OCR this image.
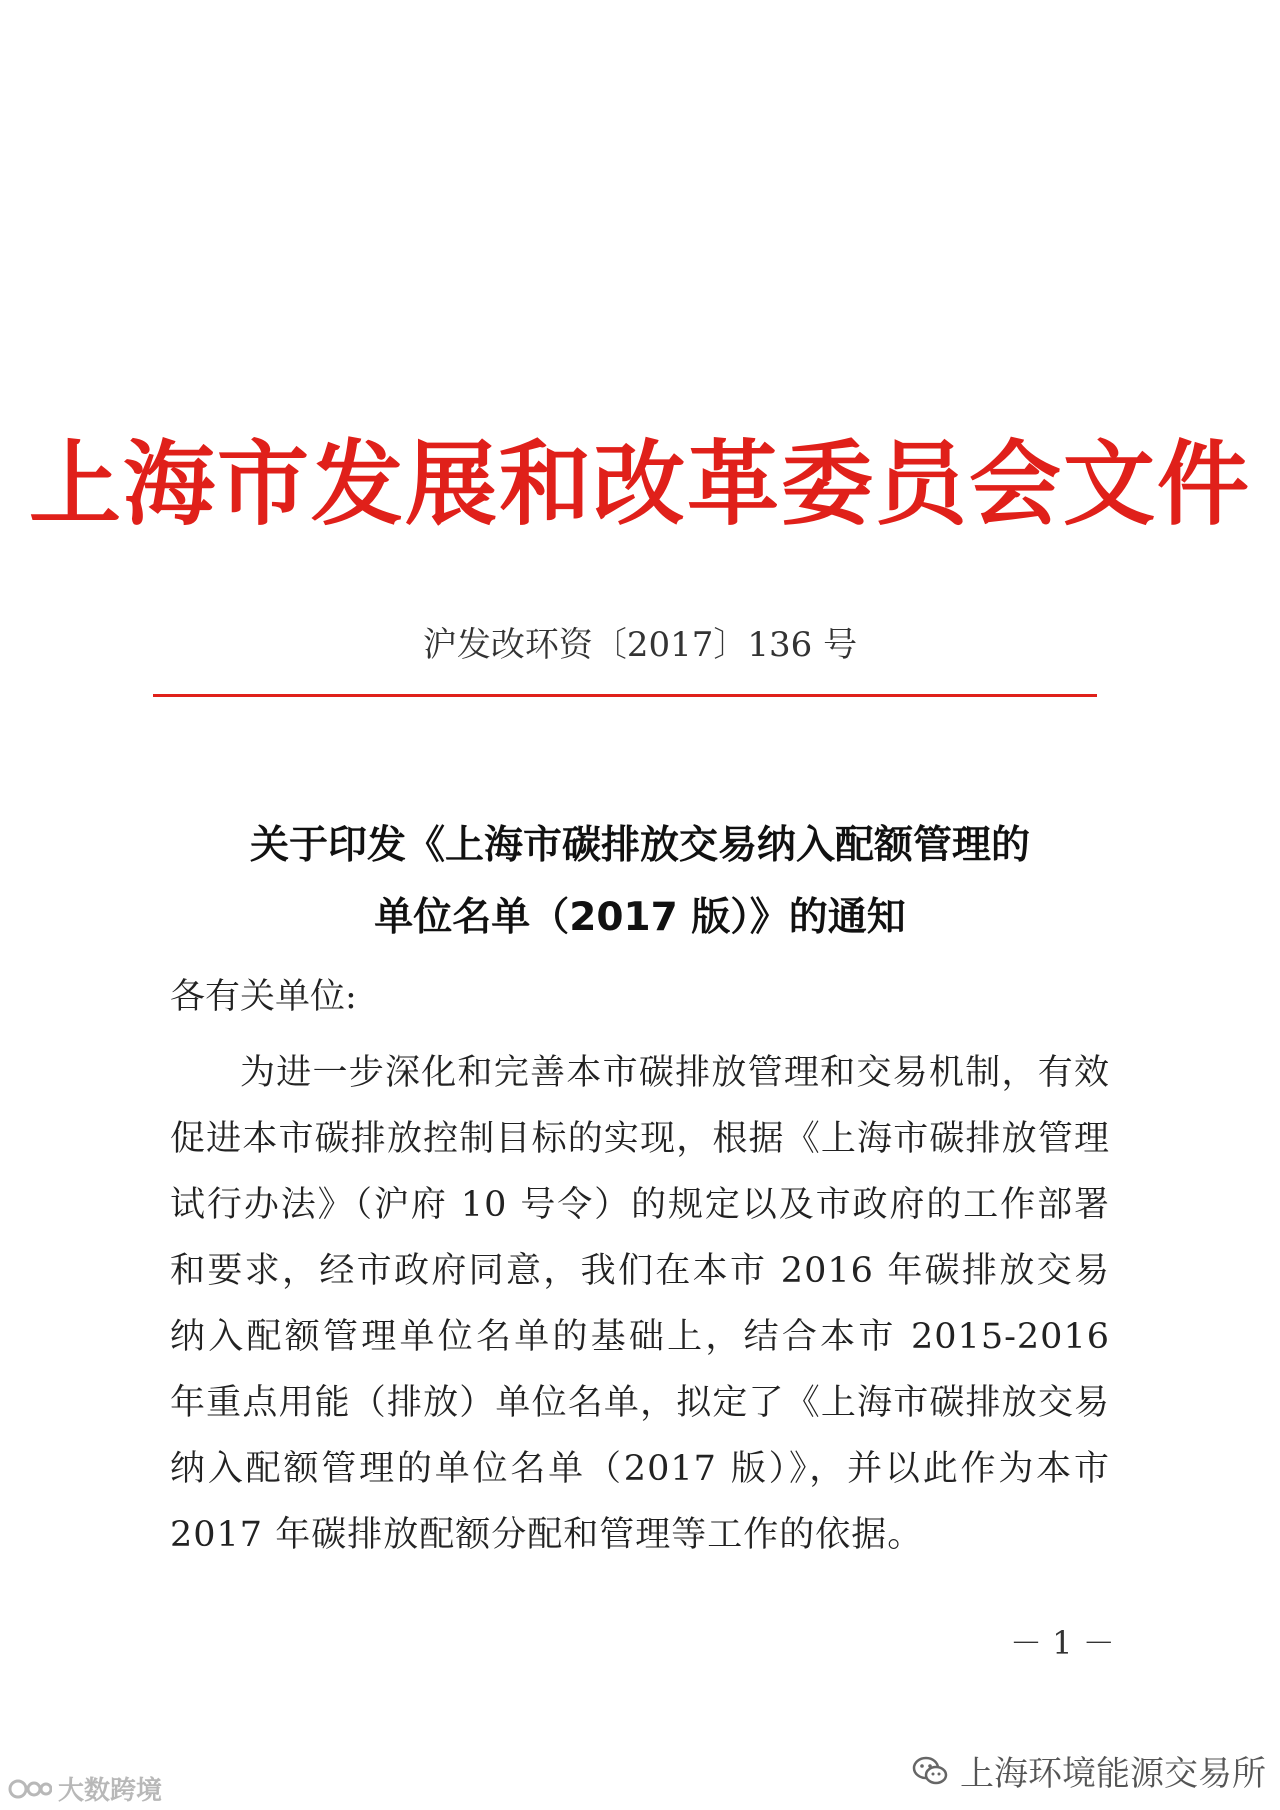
上海市发展和改革委员会文件
沪发改环资〔2017〕136 号
关于印发《上海市碳排放交易纳入配额管理的
单位名单（2017 版）》的通知
各有关单位:
为进一步深化和完善本市碳排放管理和交易机制，有效促进本市碳排放控制目标的实现，根据《上海市碳排放管理试行办法》（沪府 10 号令）的规定以及市政府的工作部署和要求，经市政府同意，我们在本市 2016 年碳排放交易纳入配额管理单位名单的基础上，结合本市 2015-2016 年重点用能（排放）单位名单，拟定了《上海市碳排放交易纳入配额管理的单位名单（2017 版）》，并以此作为本市 2017 年碳排放配额分配和管理等工作的依据。
－ 1 －
大数跨境	上海环境能源交易所
